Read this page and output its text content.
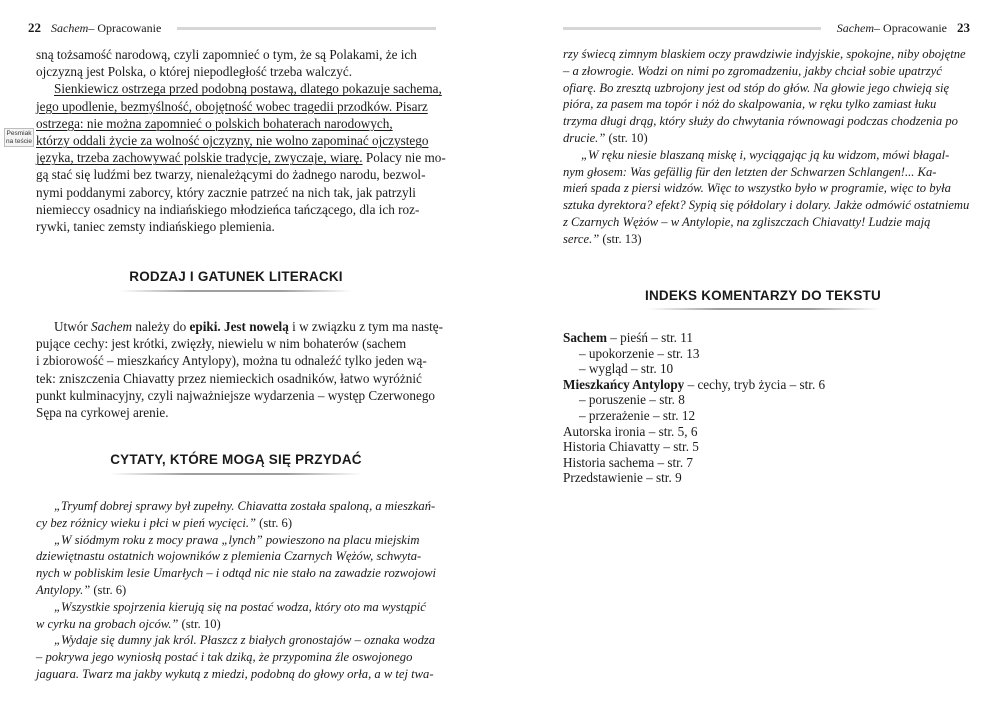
22 Sachem – Opracowanie
Pesmiak na teście
sną tożsamość narodową, czyli zapomnieć o tym, że są Polakami, że ich
ojczyzną jest Polska, o której niepodległość trzeba walczyć.
Sienkiewicz ostrzega przed podobną postawą, dlatego pokazuje sachema,
jego upodlenie, bezmyślność, obojętność wobec tragedii przodków. Pisarz
ostrzega: nie można zapomnieć o polskich bohaterach narodowych,
którzy oddali życie za wolność ojczyzny, nie wolno zapominać ojczystego
języka, trzeba zachowywać polskie tradycje, zwyczaje, wiarę. Polacy nie mo-
gą stać się ludźmi bez twarzy, nienależącymi do żadnego narodu, bezwol-
nymi poddanymi zaborcy, który zacznie patrzeć na nich tak, jak patrzyli
niemieccy osadnicy na indiańskiego młodzieńca tańczącego, dla ich roz-
rywki, taniec zemsty indiańskiego plemienia.
RODZAJ I GATUNEK LITERACKI
Utwór Sachem należy do epiki. Jest nowelą i w związku z tym ma nastę-
pujące cechy: jest krótki, zwięzły, niewielu w nim bohaterów (sachem
i zbiorowość – mieszkańcy Antylopy), można tu odnaleźć tylko jeden wą-
tek: zniszczenia Chiavatty przez niemieckich osadników, łatwo wyróżnić
punkt kulminacyjny, czyli najważniejsze wydarzenia – występ Czerwonego
Sępa na cyrkowej arenie.
CYTATY, KTÓRE MOGĄ SIĘ PRZYDAĆ
„Tryumf dobrej sprawy był zupełny. Chiavatta została spaloną, a mieszkań-
cy bez różnicy wieku i płci w pień wycięci.” (str. 6)
„W siódmym roku z mocy prawa „lynch” powieszono na placu miejskim
dziewiętnastu ostatnich wojowników z plemienia Czarnych Wężów, schwyta-
nych w pobliskim lesie Umarłych – i odtąd nic nie stało na zawadzie rozwojowi
Antylopy.” (str. 6)
„Wszystkie spojrzenia kierują się na postać wodza, który oto ma wystąpić
w cyrku na grobach ojców.” (str. 10)
„Wydaje się dumny jak król. Płaszcz z białych gronostajów – oznaka wodza
– pokrywa jego wyniosłą postać i tak dziką, że przypomina źle oswojonego
jaguara. Twarz ma jakby wykutą z miedzi, podobną do głowy orła, a w tej twa-
Sachem – Opracowanie 23
rzy świecą zimnym blaskiem oczy prawdziwie indyjskie, spokojne, niby obojętne
– a złowrogie. Wodzi on nimi po zgromadzeniu, jakby chciał sobie upatrzyć
ofiarę. Bo zresztą uzbrojony jest od stóp do głów. Na głowie jego chwieją się
pióra, za pasem ma topór i nóż do skalpowania, w ręku tylko zamiast łuku
trzyma długi drąg, który służy do chwytania równowagi podczas chodzenia po
drucie.” (str. 10)
„W ręku niesie blaszaną miskę i, wyciągając ją ku widzom, mówi błagal-
nym głosem: Was gefällig für den letzten der Schwarzen Schlangen!... Ka-
mień spada z piersi widzów. Więc to wszystko było w programie, więc to była
sztuka dyrektora? efekt? Sypią się półdolary i dolary. Jakże odmówić ostatniemu
z Czarnych Wężów – w Antylopie, na zgliszczach Chiavatty! Ludzie mają
serce.” (str. 13)
INDEKS KOMENTARZY DO TEKSTU
Sachem – pieśń – str. 11
– upokorzenie – str. 13
– wygląd – str. 10
Mieszkańcy Antylopy – cechy, tryb życia – str. 6
– poruszenie – str. 8
– przerażenie – str. 12
Autorska ironia – str. 5, 6
Historia Chiavatty – str. 5
Historia sachema – str. 7
Przedstawienie – str. 9
